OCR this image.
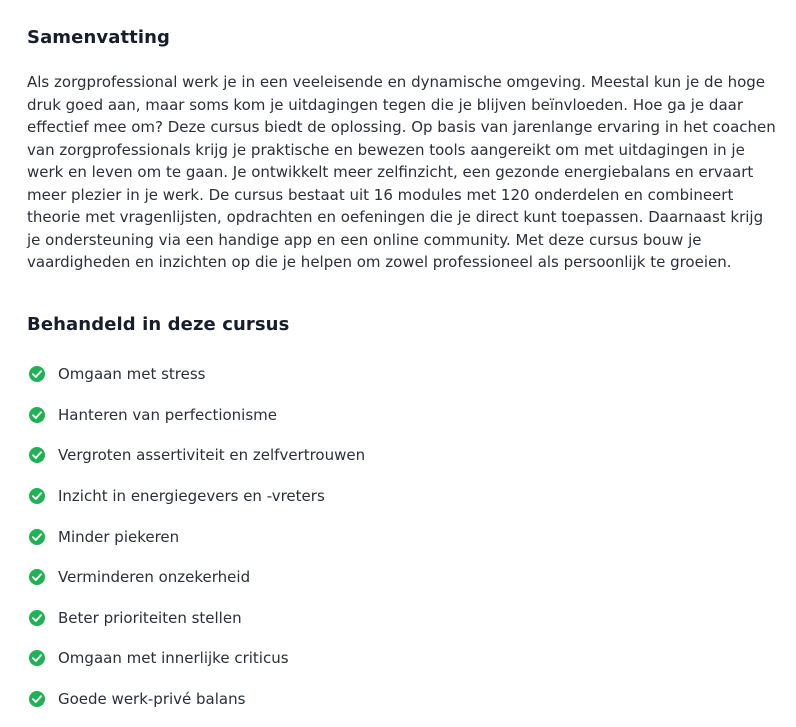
Samenvatting

Als zorgprofessional werk je in een veeleisende en dynamische omgeving. Meestal kun je de hoge druk goed aan, maar soms kom je uitdagingen tegen die je blijven beïnvloeden. Hoe ga je daar effectief mee om? Deze cursus biedt de oplossing. Op basis van jarenlange ervaring in het coachen van zorgprofessionals krijg je praktische en bewezen tools aangereikt om met uitdagingen in je werk en leven om te gaan. Je ontwikkelt meer zelfinzicht, een gezonde energiebalans en ervaart meer plezier in je werk. De cursus bestaat uit 16 modules met 120 onderdelen en combineert theorie met vragenlijsten, opdrachten en oefeningen die je direct kunt toepassen. Daarnaast krijg je ondersteuning via een handige app en een online community. Met deze cursus bouw je vaardigheden en inzichten op die je helpen om zowel professioneel als persoonlijk te groeien.

Behandeld in deze cursus
Omgaan met stress
Hanteren van perfectionisme
Vergroten assertiviteit en zelfvertrouwen
Inzicht in energiegevers en -vreters
Minder piekeren
Verminderen onzekerheid
Beter prioriteiten stellen
Omgaan met innerlijke criticus
Goede werk-privé balans
